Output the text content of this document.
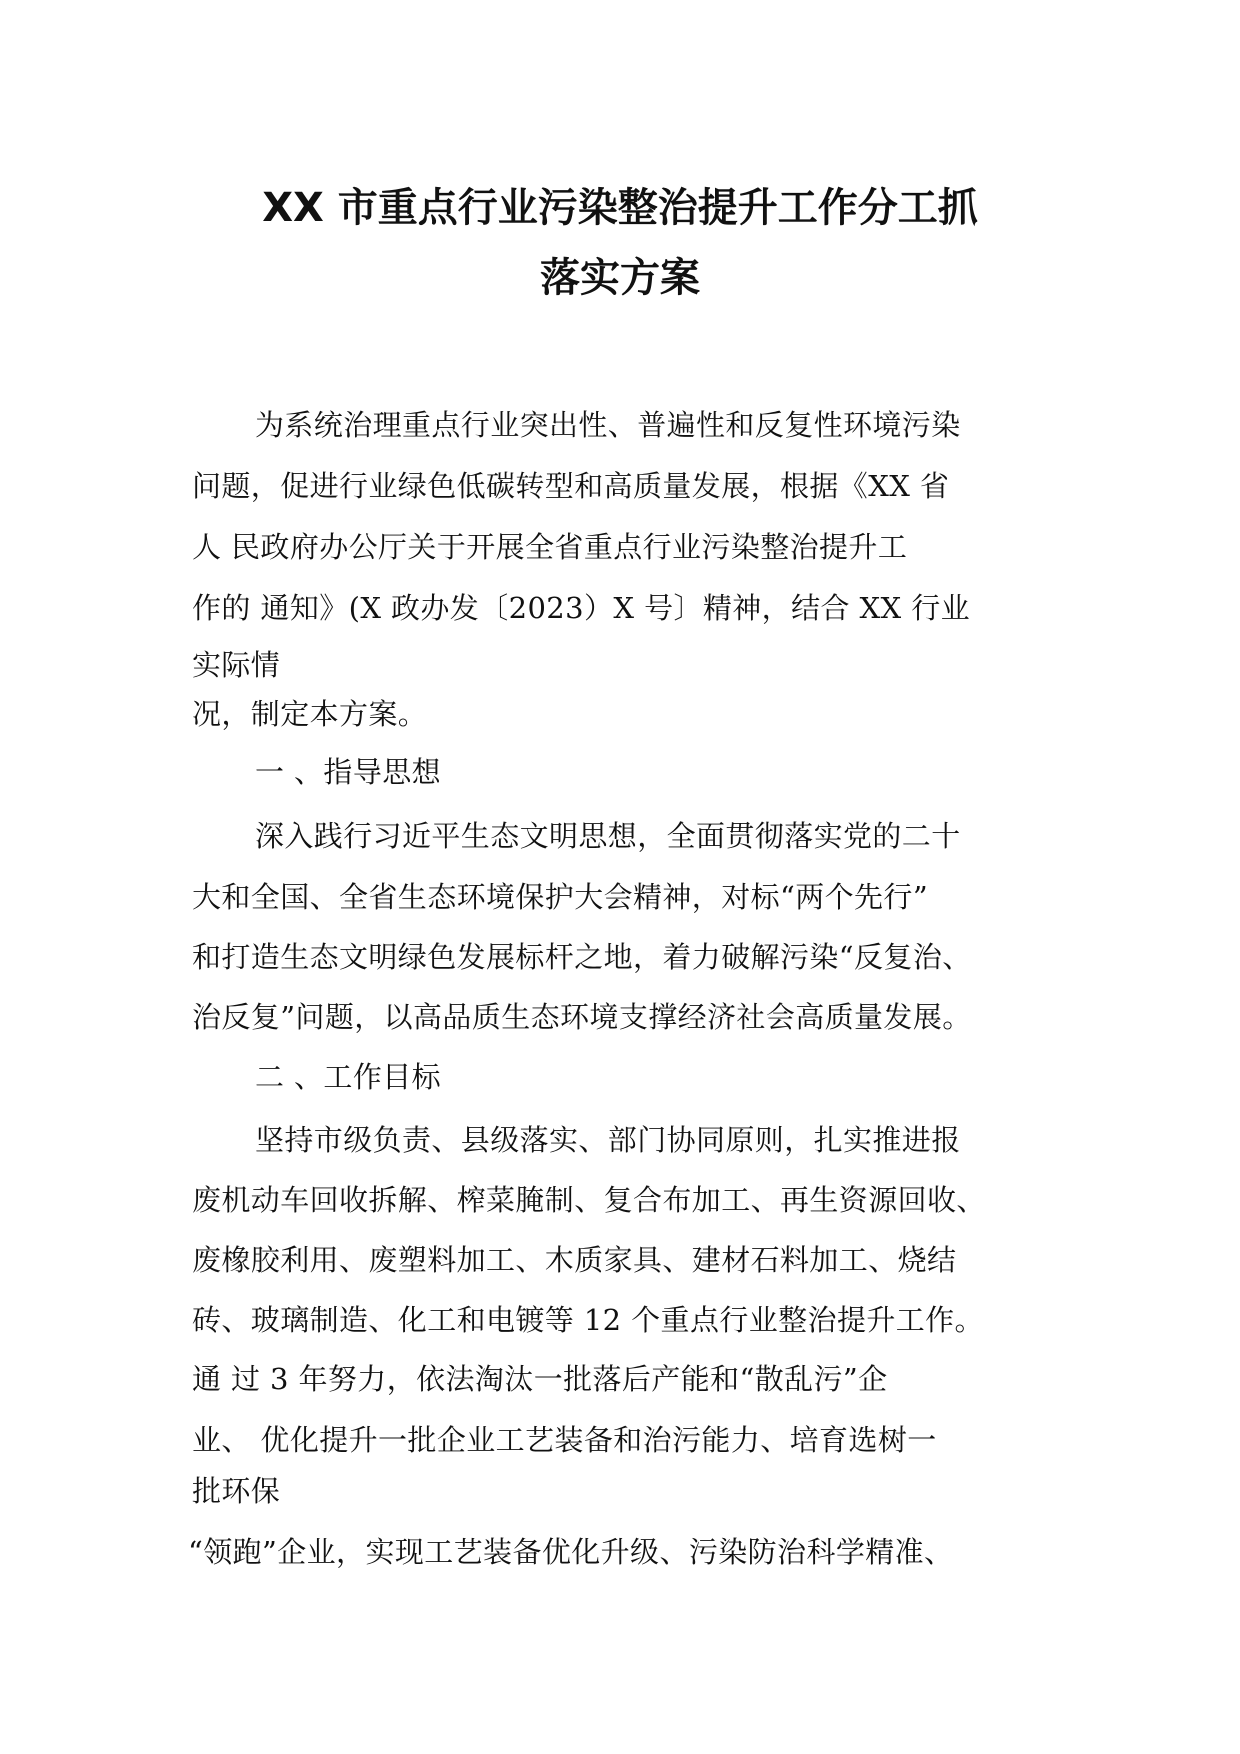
XX 市重点行业污染整治提升工作分工抓
落实方案
为系统治理重点行业突出性、普遍性和反复性环境污染
问题，促进行业绿色低碳转型和高质量发展，根据《XX 省
人 民政府办公厅关于开展全省重点行业污染整治提升工
作的 通知》(X 政办发〔2023）X 号〕精神，结合 XX 行业
实际情
况，制定本方案。
一 、指导思想
深入践行习近平生态文明思想，全面贯彻落实党的二十
大和全国、全省生态环境保护大会精神，对标“两个先行”
和打造生态文明绿色发展标杆之地，着力破解污染“反复治、
治反复”问题，以高品质生态环境支撑经济社会高质量发展。
二 、工作目标
坚持市级负责、县级落实、部门协同原则，扎实推进报
废机动车回收拆解、榨菜腌制、复合布加工、再生资源回收、
废橡胶利用、废塑料加工、木质家具、建材石料加工、烧结
砖、玻璃制造、化工和电镀等 12 个重点行业整治提升工作。
通 过 3 年努力，依法淘汰一批落后产能和“散乱污”企
业、 优化提升一批企业工艺装备和治污能力、培育选树一
批环保
“领跑”企业，实现工艺装备优化升级、污染防治科学精准、
